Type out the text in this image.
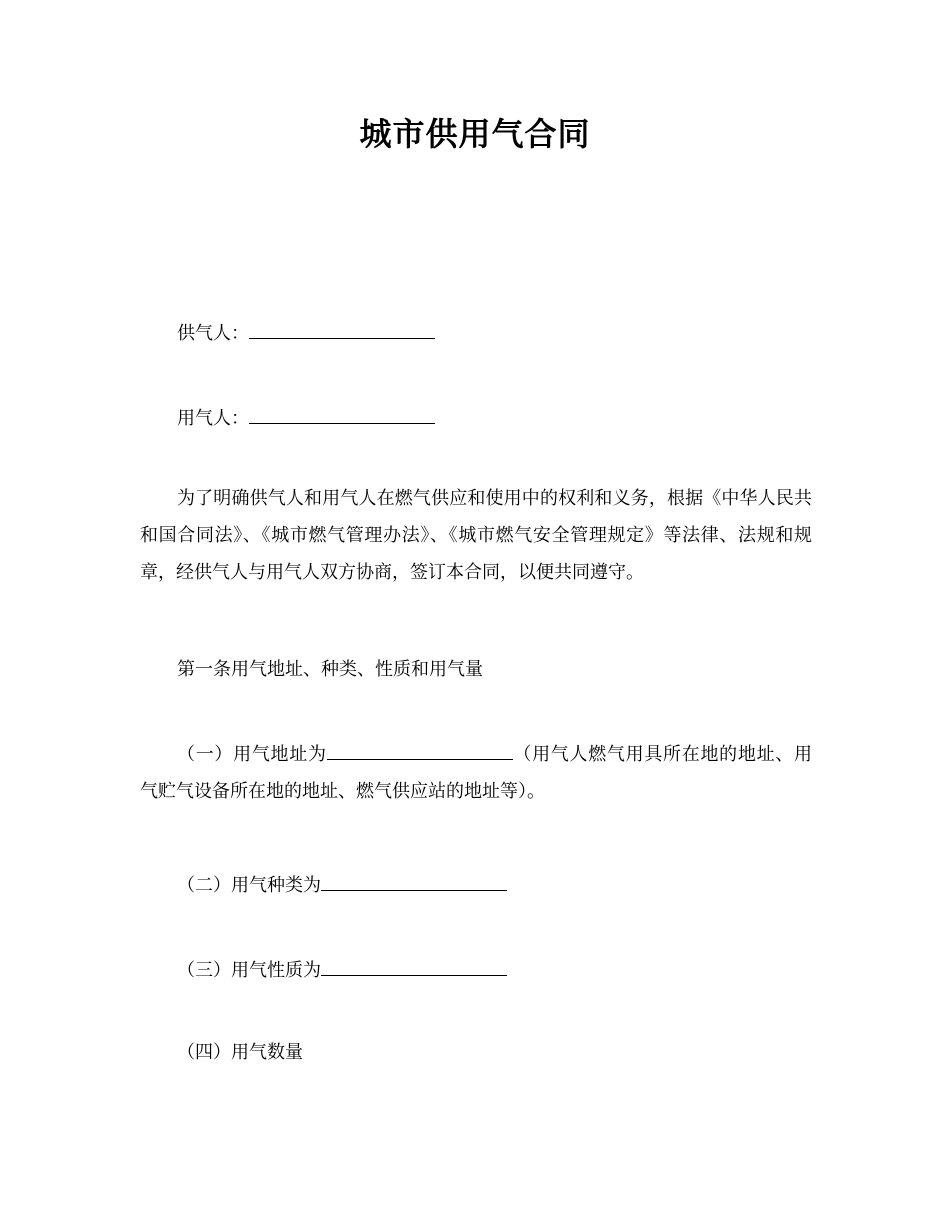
城市供用气合同
供气人：
用气人：
为了明确供气人和用气人在燃气供应和使用中的权利和义务，根据《中华人民共和国合同法》、《城市燃气管理办法》、《城市燃气安全管理规定》等法律、法规和规章，经供气人与用气人双方协商，签订本合同，以便共同遵守。
第一条用气地址、种类、性质和用气量
（一）用气地址为	（用气人燃气用具所在地的地址、用气贮气设备所在地的地址、燃气供应站的地址等）。
（二）用气种类为
（三）用气性质为
（四）用气数量
